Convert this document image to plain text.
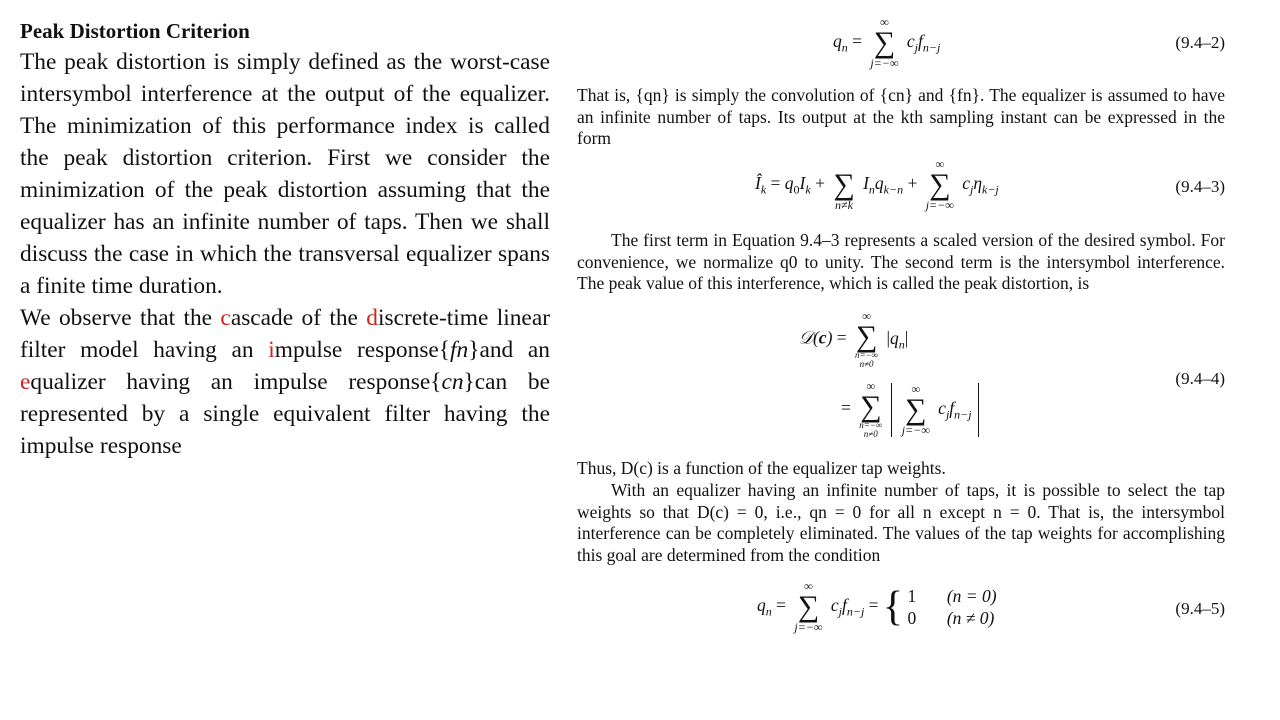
Peak Distortion Criterion

The peak distortion is simply defined as the worst-case intersymbol interference at the output of the equalizer. The minimization of this performance index is called the peak distortion criterion. First we consider the minimization of the peak distortion assuming that the equalizer has an infinite number of taps. Then we shall discuss the case in which the transversal equalizer spans a finite time duration.

We observe that the cascade of the discrete-time linear filter model having an impulse response{fn}and an equalizer having an impulse response{cn}can be represented by a single equivalent filter having the impulse response

$q_n$ =
∞
∑
j=−∞
$c_jf_{n-j}$	(9.4–2)

That is, {qn} is simply the convolution of {cn} and {fn}. The equalizer is assumed to have an infinite number of taps. Its output at the kth sampling instant can be expressed in the form

$Î_k = q_0I_k$ +
∑
n≠k
$I_nq_{k-n}$ +
∞
∑
j=−∞
$c_j\eta_{k-j}$	(9.4–3)

The first term in Equation 9.4–3 represents a scaled version of the desired symbol. For convenience, we normalize q0 to unity. The second term is the intersymbol interference. The peak value of this interference, which is called the peak distortion, is

𝒟(c) =
∞
∑
n=−∞
n≠0
$|q_n|$
=
∞
∑
n=−∞
n≠0

∞
∑
j=−∞
$c_jf_{n-j}$
(9.4–4)

Thus, D(c) is a function of the equalizer tap weights.

With an equalizer having an infinite number of taps, it is possible to select the tap weights so that D(c) = 0, i.e., qn = 0 for all n except n = 0. That is, the intersymbol interference can be completely eliminated. The values of the tap weights for accomplishing this goal are determined from the condition

$q_n$ =
∞
∑
j=−∞
$c_jf_{n-j}$ = { 1 (n = 0)
0 (n ≠ 0)	(9.4–5)
